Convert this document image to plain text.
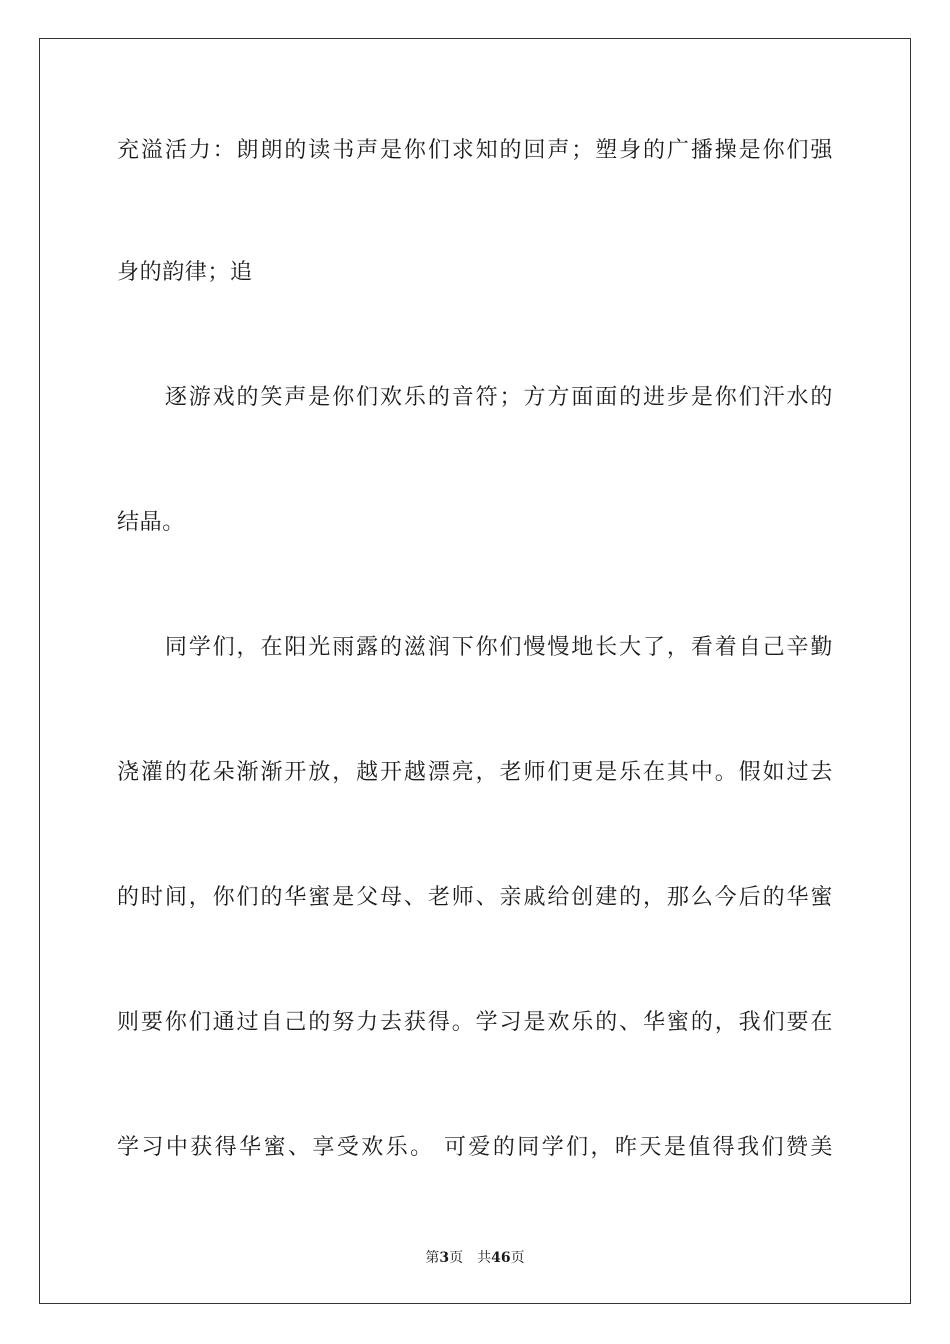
充溢活力：朗朗的读书声是你们求知的回声；塑身的广播操是你们强
身的韵律；追
　　逐游戏的笑声是你们欢乐的音符；方方面面的进步是你们汗水的
结晶。
　　同学们，在阳光雨露的滋润下你们慢慢地长大了，看着自己辛勤
浇灌的花朵渐渐开放，越开越漂亮，老师们更是乐在其中。假如过去
的时间，你们的华蜜是父母、老师、亲戚给创建的，那么今后的华蜜
则要你们通过自己的努力去获得。学习是欢乐的、华蜜的，我们要在
学习中获得华蜜、享受欢乐。 可爱的同学们，昨天是值得我们赞美
第3页 共46页
